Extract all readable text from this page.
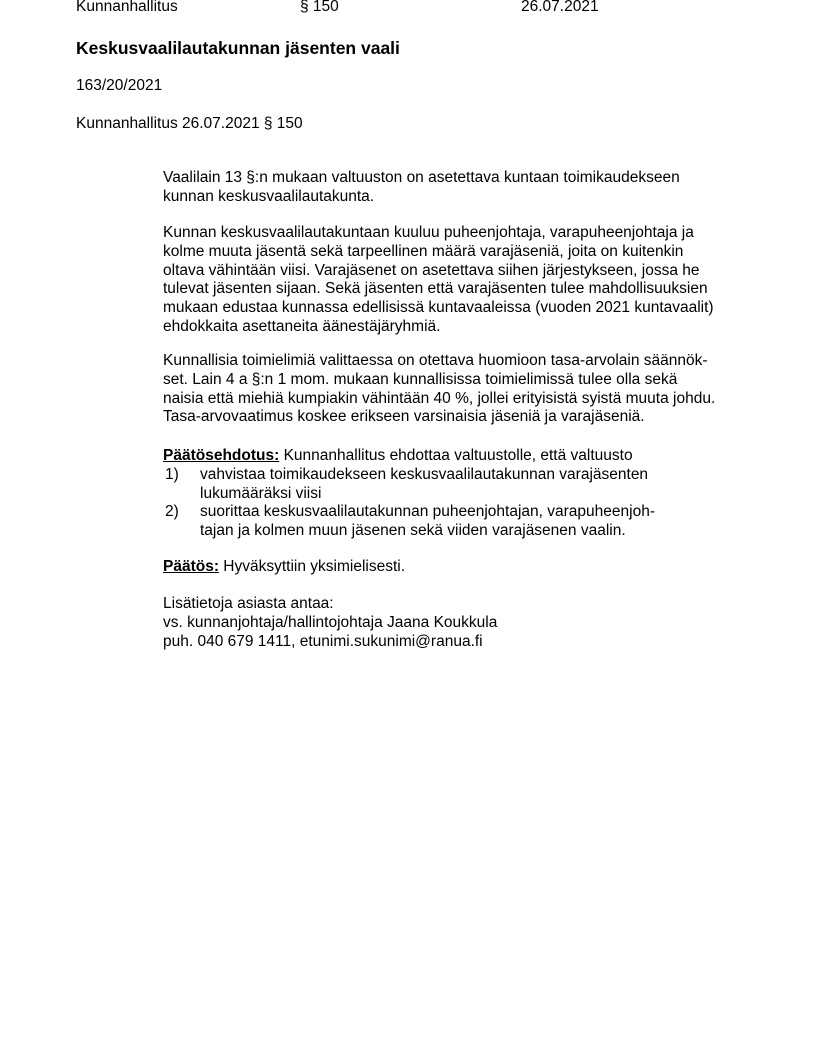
Kunnanhallitus	§ 150	26.07.2021
Keskusvaalilautakunnan jäsenten vaali
163/20/2021
Kunnanhallitus 26.07.2021 § 150
Vaalilain 13 §:n mukaan valtuuston on asetettava kuntaan toimikaudekseen
kunnan keskusvaalilautakunta.
Kunnan keskusvaalilautakuntaan kuuluu puheenjohtaja, varapuheenjohtaja ja
kolme muuta jäsentä sekä tarpeellinen määrä varajäseniä, joita on kuitenkin
oltava vähintään viisi. Varajäsenet on asetettava siihen järjestykseen, jossa he
tulevat jäsenten sijaan. Sekä jäsenten että varajäsenten tulee mahdollisuuksien
mukaan edustaa kunnassa edellisissä kuntavaaleissa (vuoden 2021 kuntavaalit)
ehdokkaita asettaneita äänestäjäryhmiä.
Kunnallisia toimielimiä valittaessa on otettava huomioon tasa-arvolain säännök-
set. Lain 4 a §:n 1 mom. mukaan kunnallisissa toimielimissä tulee olla sekä
naisia että miehiä kumpiakin vähintään 40 %, jollei erityisistä syistä muuta johdu.
Tasa-arvovaatimus koskee erikseen varsinaisia jäseniä ja varajäseniä.
Päätösehdotus: Kunnanhallitus ehdottaa valtuustolle, että valtuusto
1) vahvistaa toimikaudekseen keskusvaalilautakunnan varajäsenten
lukumääräksi viisi
2) suorittaa keskusvaalilautakunnan puheenjohtajan, varapuheenjoh-
tajan ja kolmen muun jäsenen sekä viiden varajäsenen vaalin.
Päätös: Hyväksyttiin yksimielisesti.
Lisätietoja asiasta antaa:
vs. kunnanjohtaja/hallintojohtaja Jaana Koukkula
puh. 040 679 1411, etunimi.sukunimi@ranua.fi
